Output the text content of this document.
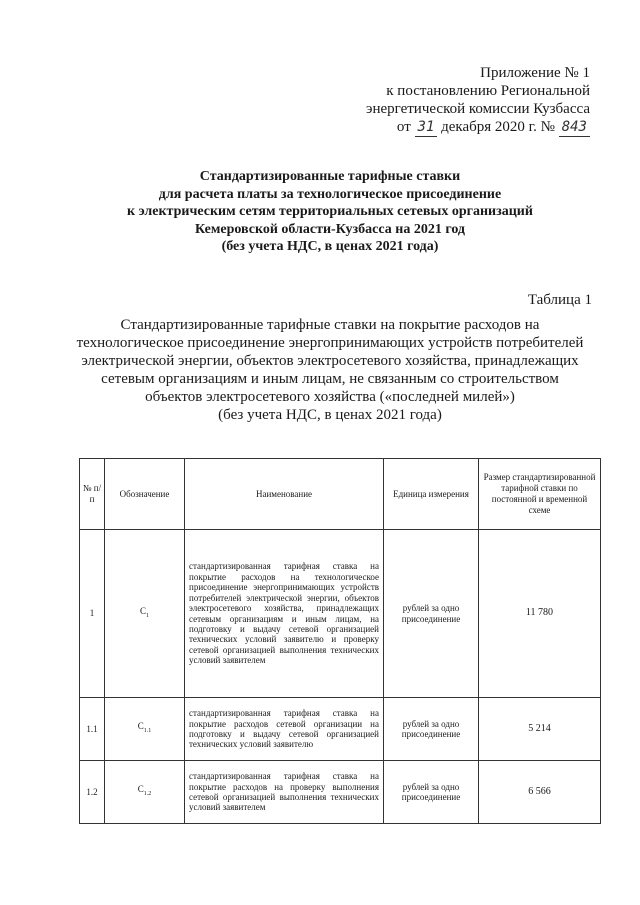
Приложение № 1
к постановлению Региональной
энергетической комиссии Кузбасса
от 31 декабря 2020 г. № 843
Стандартизированные тарифные ставки
для расчета платы за технологическое присоединение
к электрическим сетям территориальных сетевых организаций
Кемеровской области-Кузбасса на 2021 год
(без учета НДС, в ценах 2021 года)
Таблица 1
Стандартизированные тарифные ставки на покрытие расходов на
технологическое присоединение энергопринимающих устройств потребителей
электрической энергии, объектов электросетевого хозяйства, принадлежащих
сетевым организациям и иным лицам, не связанным со строительством
объектов электросетевого хозяйства («последней милей»)
(без учета НДС, в ценах 2021 года)
№ п/п	Обозначение	Наименование	Единица измерения	Размер стандартизированной тарифной ставки по постоянной и временной схеме
1	$C_1$	стандартизированная тарифная ставка на покрытие расходов на технологическое присоединение энергопринимающих устройств потребителей электрической энергии, объектов электросетевого хозяйства, принадлежащих сетевым организациям и иным лицам, на подготовку и выдачу сетевой организацией технических условий заявителю и проверку сетевой организацией выполнения технических условий заявителем	рублей за одно присоединение	11 780
1.1	$C_{1.1}$	стандартизированная тарифная ставка на покрытие расходов сетевой организации на подготовку и выдачу сетевой организацией технических условий заявителю	рублей за одно присоединение	5 214
1.2	$C_{1.2}$	стандартизированная тарифная ставка на покрытие расходов на проверку выполнения сетевой организацией выполнения технических условий заявителем	рублей за одно присоединение	6 566
